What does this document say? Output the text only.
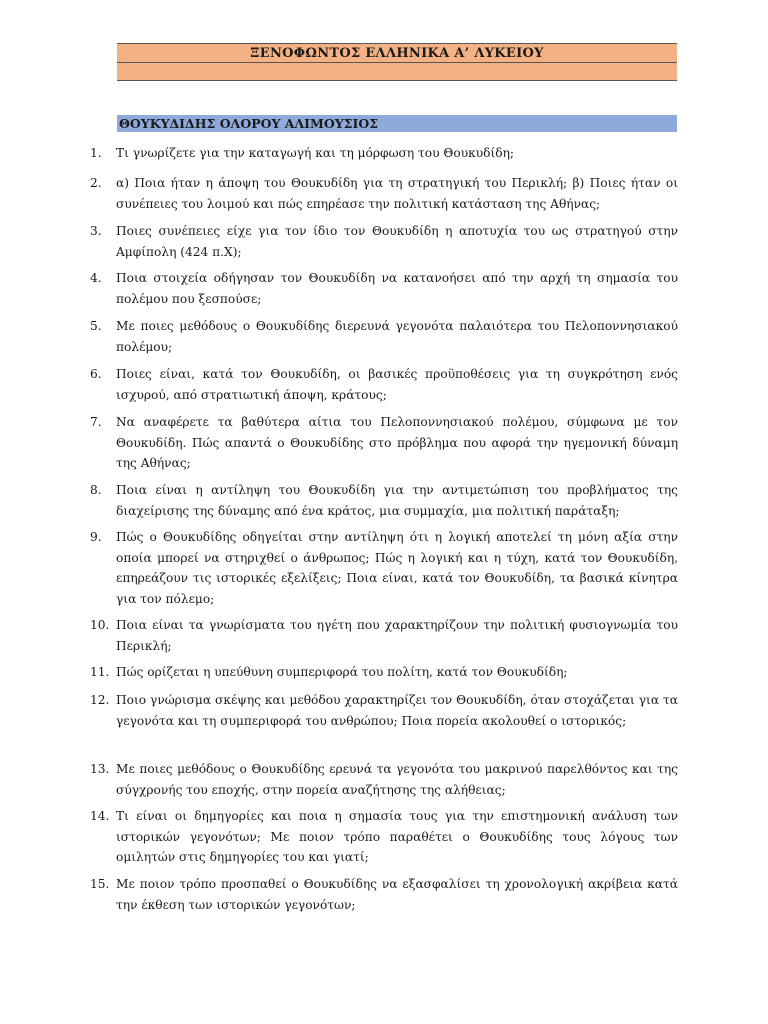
ΞΕΝΟΦΩΝΤΟΣ ΕΛΛΗΝΙΚΑ Α’ ΛΥΚΕΙΟΥ
ΘΟΥΚΥΔΙΔΗΣ ΟΛΟΡΟΥ ΑΛΙΜΟΥΣΙΟΣ
1.	Τι γνωρίζετε για την καταγωγή και τη μόρφωση του Θουκυδίδη;
2.	α) Ποια ήταν η άποψη του Θουκυδίδη για τη στρατηγική του Περικλή; β) Ποιες ήταν οι συνέπειες του λοιμού και πώς επηρέασε την πολιτική κατάσταση της Αθήνας;
3.	Ποιες συνέπειες είχε για τον ίδιο τον Θουκυδίδη η αποτυχία του ως στρατηγού στην Αμφίπολη (424 π.Χ);
4.	Ποια στοιχεία οδήγησαν τον Θουκυδίδη να κατανοήσει από την αρχή τη σημασία του πολέμου που ξεσπούσε;
5.	Με ποιες μεθόδους ο Θουκυδίδης διερευνά γεγονότα παλαιότερα του Πελοποννησιακού πολέμου;
6.	Ποιες είναι, κατά τον Θουκυδίδη, οι βασικές προϋποθέσεις για τη συγκρότηση ενός ισχυρού, από στρατιωτική άποψη, κράτους;
7.	Να αναφέρετε τα βαθύτερα αίτια του Πελοποννησιακού πολέμου, σύμφωνα με τον Θουκυδίδη. Πώς απαντά ο Θουκυδίδης στο πρόβλημα που αφορά την ηγεμονική δύναμη της Αθήνας;
8.	Ποια είναι η αντίληψη του Θουκυδίδη για την αντιμετώπιση του προβλήματος της διαχείρισης της δύναμης από ένα κράτος, μια συμμαχία, μια πολιτική παράταξη;
9.	Πώς ο Θουκυδίδης οδηγείται στην αντίληψη ότι η λογική αποτελεί τη μόνη αξία στην οποία μπορεί να στηριχθεί ο άνθρωπος; Πώς η λογική και η τύχη, κατά τον Θουκυδίδη, επηρεάζουν τις ιστορικές εξελίξεις; Ποια είναι, κατά τον Θουκυδίδη, τα βασικά κίνητρα για τον πόλεμο;
10. Ποια είναι τα γνωρίσματα του ηγέτη που χαρακτηρίζουν την πολιτική φυσιογνωμία του Περικλή;
11. Πώς ορίζεται η υπεύθυνη συμπεριφορά του πολίτη, κατά τον Θουκυδίδη;
12. Ποιο γνώρισμα σκέψης και μεθόδου χαρακτηρίζει τον Θουκυδίδη, όταν στοχάζεται για τα γεγονότα και τη συμπεριφορά του ανθρώπου; Ποια πορεία ακολουθεί ο ιστορικός;
13. Με ποιες μεθόδους ο Θουκυδίδης ερευνά τα γεγονότα του μακρινού παρελθόντος και της σύγχρονής του εποχής, στην πορεία αναζήτησης της αλήθειας;
14. Τι είναι οι δημηγορίες και ποια η σημασία τους για την επιστημονική ανάλυση των ιστορικών γεγονότων; Με ποιον τρόπο παραθέτει ο Θουκυδίδης τους λόγους των ομιλητών στις δημηγορίες του και γιατί;
15. Με ποιον τρόπο προσπαθεί ο Θουκυδίδης να εξασφαλίσει τη χρονολογική ακρίβεια κατά την έκθεση των ιστορικών γεγονότων;
